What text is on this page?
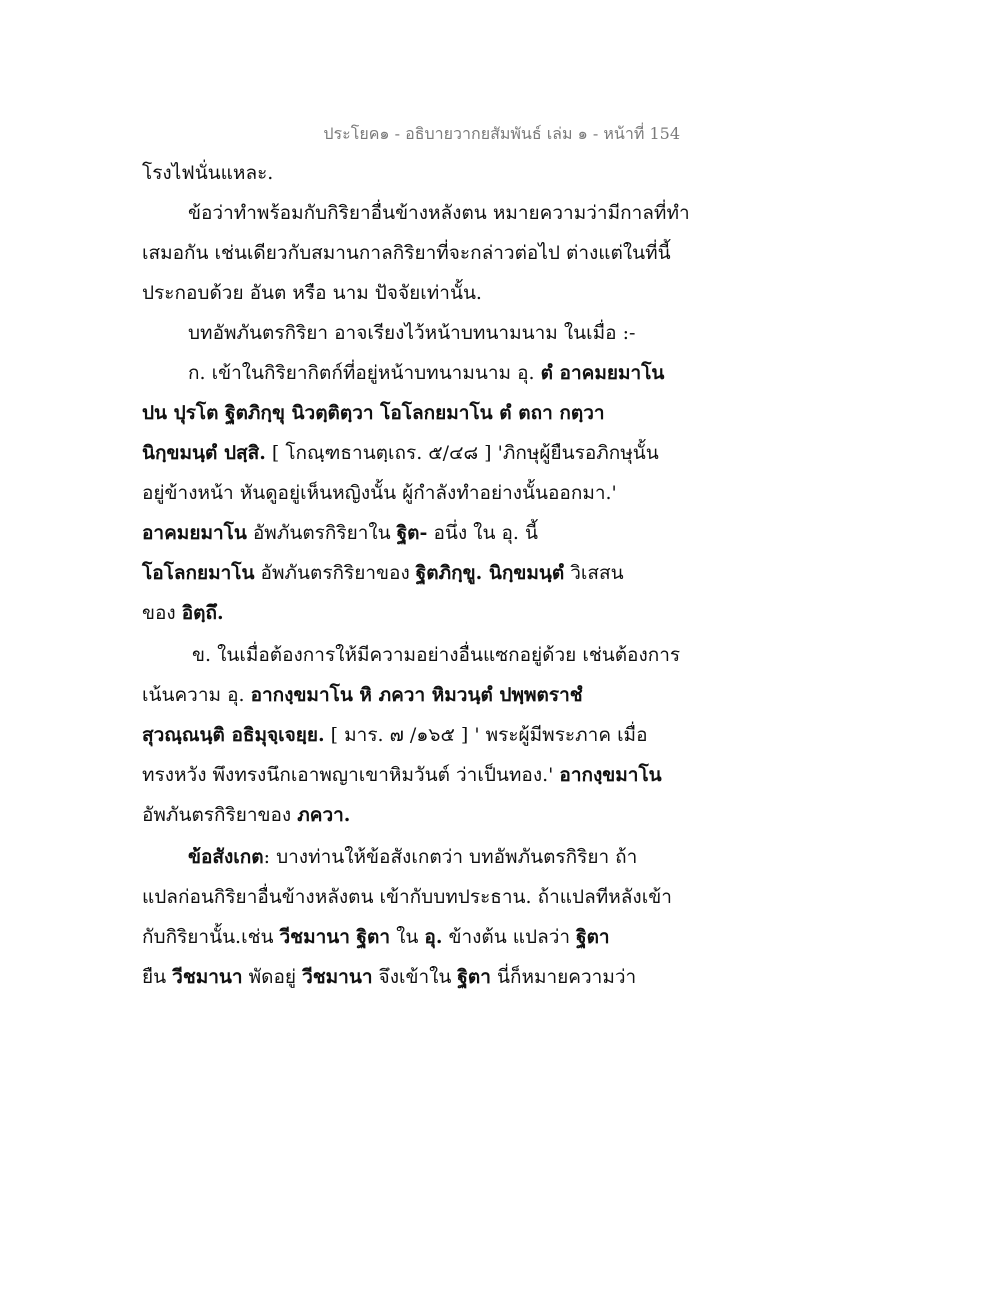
ประโยค๑ - อธิบายวากยสัมพันธ์ เล่ม ๑ - หน้าที่ 154
โรงไฟนั่นแหละ.
ข้อว่าทำพร้อมกับกิริยาอื่นข้างหลังตน หมายความว่ามีกาลที่ทำ
เสมอกัน เช่นเดียวกับสมานกาลกิริยาที่จะกล่าวต่อไป ต่างแต่ในที่นี้
ประกอบด้วย อันต หรือ นาม ปัจจัยเท่านั้น.
บทอัพภันตรกิริยา อาจเรียงไว้หน้าบทนามนาม ในเมื่อ :-
ก. เข้าในกิริยากิตก์ที่อยู่หน้าบทนามนาม อุ. ตํ อาคมยมาโน
ปน ปุรโต ฐิตภิกฺขุ นิวตฺติตฺวา โอโลกยมาโน ตํ ตถา กตฺวา
นิกฺขมนฺตํ ปสฺสิ. [ โกณฺฑธานตฺเถร. ๕/๔๘ ] 'ภิกษุผู้ยืนรอภิกษุนั้น
อยู่ข้างหน้า หันดูอยู่เห็นหญิงนั้น ผู้กำลังทำอย่างนั้นออกมา.'
อาคมยมาโน อัพภันตรกิริยาใน ฐิต- อนึ่ง ใน อุ. นี้
โอโลกยมาโน อัพภันตรกิริยาของ ฐิตภิกฺขู. นิกฺขมนฺตํ วิเสสน
ของ อิตฺถึ.
ข. ในเมื่อต้องการให้มีความอย่างอื่นแซกอยู่ด้วย เช่นต้องการ
เน้นความ อุ. อากงฺขมาโน หิ ภควา หิมวนฺตํ ปพฺพตราชํ
สุวณฺณนฺติ อธิมุจฺเจยฺย. [ มาร. ๗ /๑๖๕ ] ' พระผู้มีพระภาค เมื่อ
ทรงหวัง พึงทรงนึกเอาพญาเขาหิมวันต์ ว่าเป็นทอง.' อากงฺขมาโน
อัพภันตรกิริยาของ ภควา.
ข้อสังเกต: บางท่านให้ข้อสังเกตว่า บทอัพภันตรกิริยา ถ้า
แปลก่อนกิริยาอื่นข้างหลังตน เข้ากับบทประธาน. ถ้าแปลทีหลังเข้า
กับกิริยานั้น.เช่น วีชมานา ฐิตา ใน อุ. ข้างต้น แปลว่า ฐิตา
ยืน วีชมานา พัดอยู่ วีชมานา จึงเข้าใน ฐิตา นี่ก็หมายความว่า
